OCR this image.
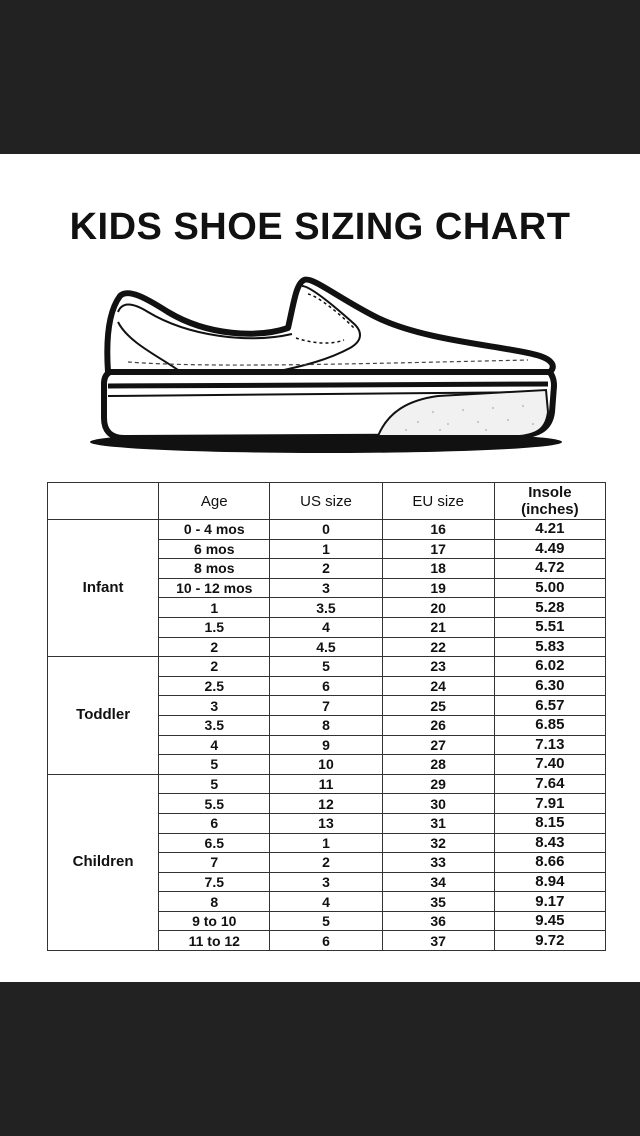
KIDS SHOE SIZING CHART
	Age	US size	EU size	Insole
(inches)
Infant	0 - 4 mos	0	16	4.21
	6 mos	1	17	4.49
	8 mos	2	18	4.72
	10 - 12 mos	3	19	5.00
	1	3.5	20	5.28
	1.5	4	21	5.51
	2	4.5	22	5.83
Toddler	2	5	23	6.02
	2.5	6	24	6.30
	3	7	25	6.57
	3.5	8	26	6.85
	4	9	27	7.13
	5	10	28	7.40
Children	5	11	29	7.64
	5.5	12	30	7.91
	6	13	31	8.15
	6.5	1	32	8.43
	7	2	33	8.66
	7.5	3	34	8.94
	8	4	35	9.17
	9 to 10	5	36	9.45
	11 to 12	6	37	9.72
